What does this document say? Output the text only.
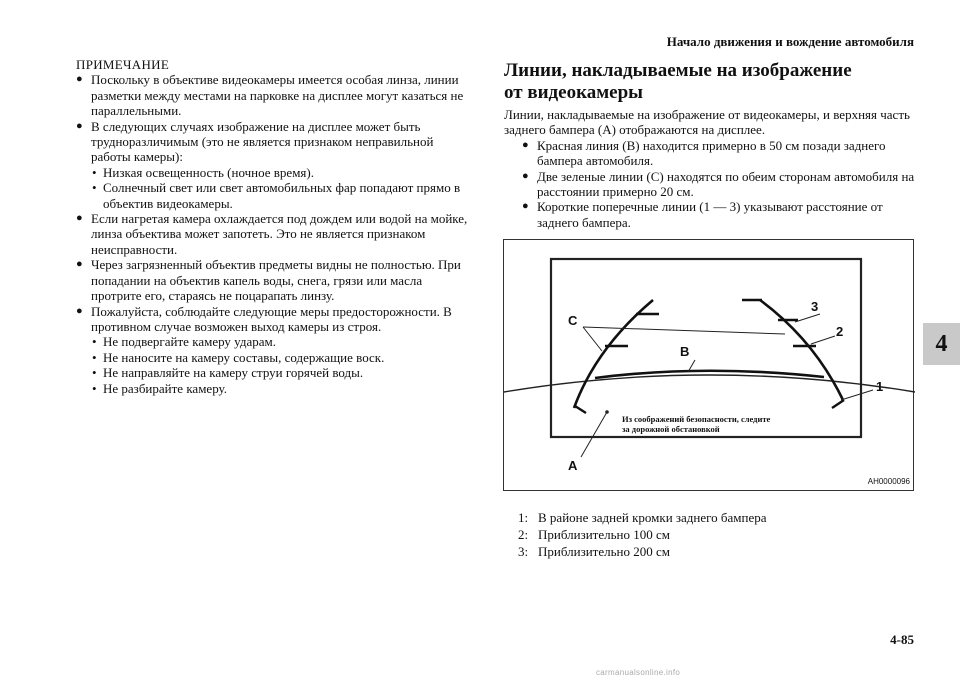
Начало движения и вождение автомобиля
4
ПРИМЕЧАНИЕ
● Поскольку в объективе видеокамеры имеется особая линза, линии разметки между местами на парковке на дисплее могут казаться не параллельными.
● В следующих случаях изображение на дисплее может быть трудноразличимым (это не является признаком неправильной работы камеры):
• Низкая освещенность (ночное время).
• Солнечный свет или свет автомобильных фар попадают прямо в объектив видеокамеры.
● Если нагретая камера охлаждается под дождем или водой на мойке, линза объектива может запотеть. Это не является признаком неисправности.
● Через загрязненный объектив предметы видны не полностью. При попадании на объектив капель воды, снега, грязи или масла протрите его, стараясь не поцарапать линзу.
● Пожалуйста, соблюдайте следующие меры предосторожности. В противном случае возможен выход камеры из строя.
• Не подвергайте камеру ударам.
• Не наносите на камеру составы, содержащие воск.
• Не направляйте на камеру струи горячей воды.
• Не разбирайте камеру.
Линии, накладываемые на изображение
от видеокамеры
Линии, накладываемые на изображение от видеокамеры, и верхняя часть заднего бампера (A) отображаются на дисплее.
● Красная линия (B) находится примерно в 50 см позади заднего бампера автомобиля.
● Две зеленые линии (C) находятся по обеим сторонам автомобиля на расстоянии примерно 20 см.
● Короткие поперечные линии (1 — 3) указывают расстояние от заднего бампера.
C
B
3
2
1
A
Из соображений безопасности, следите
за дорожной обстановкой
AH0000096
1: В районе задней кромки заднего бампера
2: Приблизительно 100 см
3: Приблизительно 200 см
4-85
carmanualsonline.info
